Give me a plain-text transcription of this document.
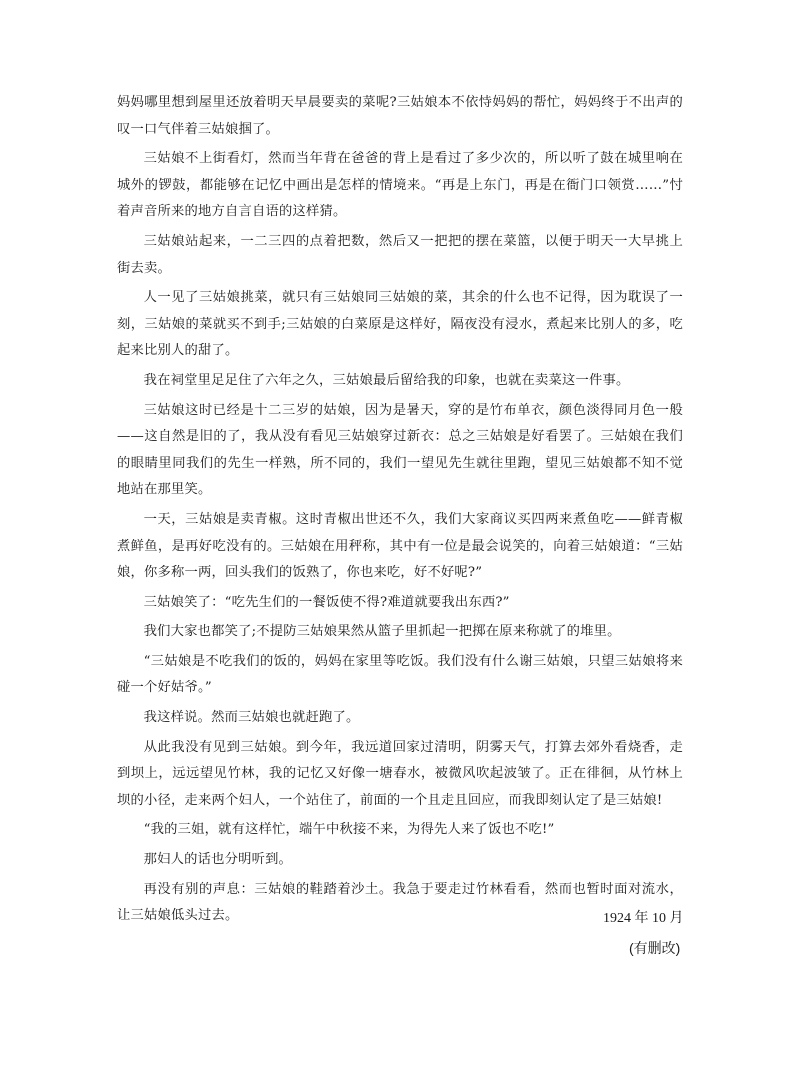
妈妈哪里想到屋里还放着明天早晨要卖的菜呢?三姑娘本不依恃妈妈的帮忙，妈妈终于不出声的叹一口气伴着三姑娘掴了。

三姑娘不上街看灯，然而当年背在爸爸的背上是看过了多少次的，所以听了鼓在城里响在城外的锣鼓，都能够在记忆中画出是怎样的情境来。“再是上东门，再是在衙门口领赏……”忖着声音所来的地方自言自语的这样猜。

三姑娘站起来，一二三四的点着把数，然后又一把把的摆在菜篮，以便于明天一大早挑上街去卖。

人一见了三姑娘挑菜，就只有三姑娘同三姑娘的菜，其余的什么也不记得，因为耽误了一刻，三姑娘的菜就买不到手;三姑娘的白菜原是这样好，隔夜没有浸水，煮起来比别人的多，吃起来比别人的甜了。

我在祠堂里足足住了六年之久，三姑娘最后留给我的印象，也就在卖菜这一件事。

三姑娘这时已经是十二三岁的姑娘，因为是暑天，穿的是竹布单衣，颜色淡得同月色一般——这自然是旧的了，我从没有看见三姑娘穿过新衣：总之三姑娘是好看罢了。三姑娘在我们的眼睛里同我们的先生一样熟，所不同的，我们一望见先生就往里跑，望见三姑娘都不知不觉地站在那里笑。

一天，三姑娘是卖青椒。这时青椒出世还不久，我们大家商议买四两来煮鱼吃——鲜青椒煮鲜鱼，是再好吃没有的。三姑娘在用秤称，其中有一位是最会说笑的，向着三姑娘道：“三姑娘，你多称一两，回头我们的饭熟了，你也来吃，好不好呢?”

三姑娘笑了：“吃先生们的一餐饭使不得?难道就要我出东西?”

我们大家也都笑了;不提防三姑娘果然从篮子里抓起一把掷在原来称就了的堆里。

“三姑娘是不吃我们的饭的，妈妈在家里等吃饭。我们没有什么谢三姑娘，只望三姑娘将来碰一个好姑爷。”

我这样说。然而三姑娘也就赶跑了。

从此我没有见到三姑娘。到今年，我远道回家过清明，阴雾天气，打算去郊外看烧香，走到坝上，远远望见竹林，我的记忆又好像一塘春水，被微风吹起波皱了。正在徘徊，从竹林上坝的小径，走来两个妇人，一个站住了，前面的一个且走且回应，而我即刻认定了是三姑娘!

“我的三姐，就有这样忙，端午中秋接不来，为得先人来了饭也不吃!”

那妇人的话也分明听到。

再没有别的声息：三姑娘的鞋踏着沙土。我急于要走过竹林看看，然而也暂时面对流水，让三姑娘低头过去。	1924 年 10 月
(有删改)
